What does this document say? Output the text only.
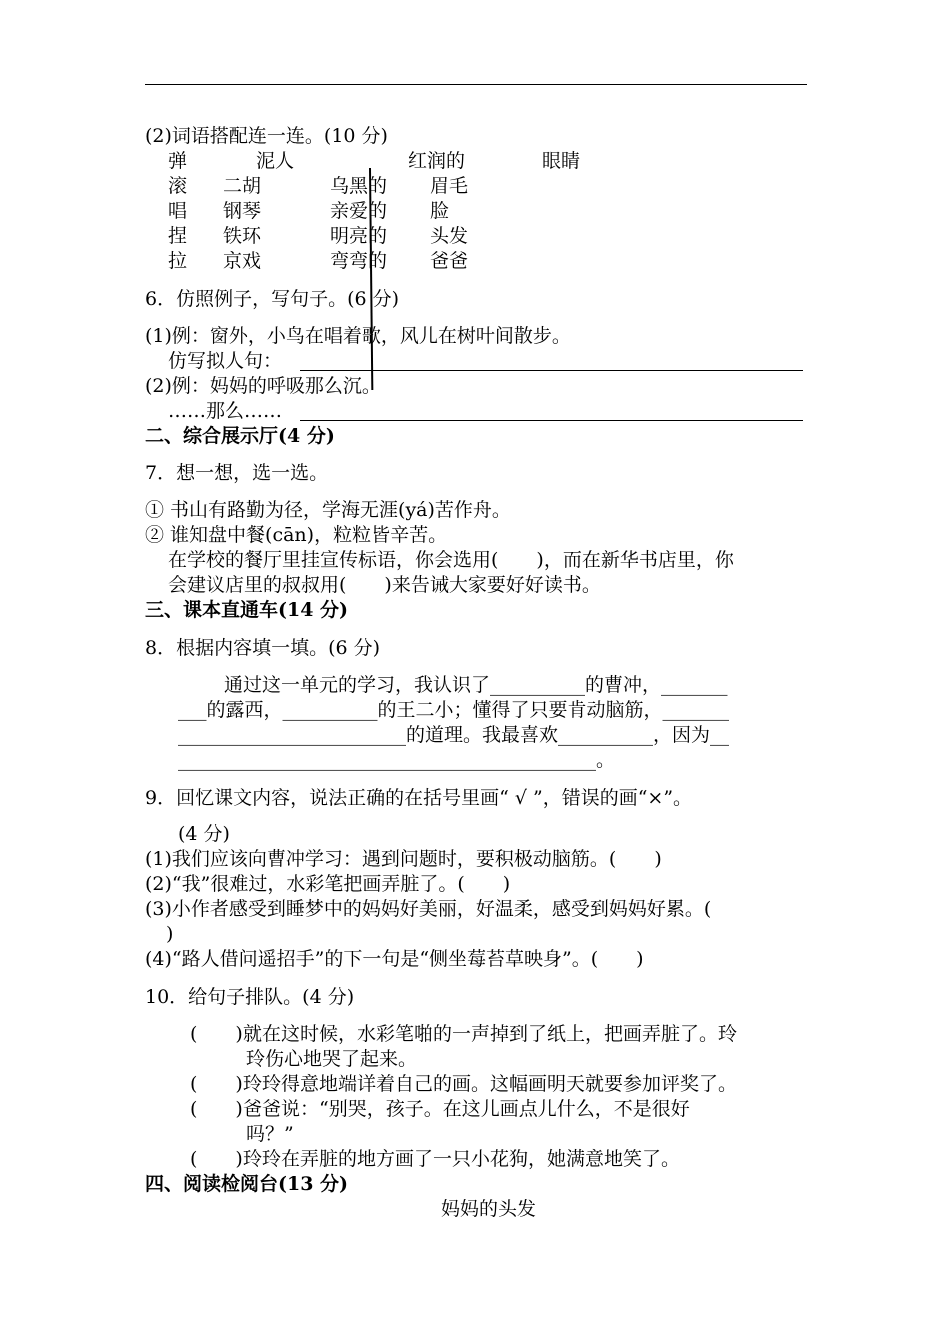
(2)词语搭配连一连。(10 分)
弹
滚
唱
捏
拉
泥人
二胡
钢琴
铁环
京戏
红润的
乌黑的
亲爱的
明亮的
弯弯的
眼睛
眉毛
脸
头发
爸爸
6．仿照例子，写句子。(6 分)
(1)例：窗外，小鸟在唱着歌，风儿在树叶间散步。
仿写拟人句：
(2)例：妈妈的呼吸那么沉。
……那么……
二、综合展示厅(4 分)
7．想一想，选一选。
① 书山有路勤为径，学海无涯(yá)苦作舟。
② 谁知盘中餐(cān)，粒粒皆辛苦。
在学校的餐厅里挂宣传标语，你会选用(　　)，而在新华书店里，你
会建议店里的叔叔用(　　)来告诫大家要好好读书。
三、课本直通车(14 分)
8．根据内容填一填。(6 分)
通过这一单元的学习，我认识了__________的曹冲，_______
___的露西，__________的王二小；懂得了只要肯动脑筋，_______
________________________的道理。我最喜欢__________，因为__
____________________________________________。
9．回忆课文内容，说法正确的在括号里画“ √ ”，错误的画“×”。
(4 分)
(1)我们应该向曹冲学习：遇到问题时，要积极动脑筋。(　　)
(2)“我”很难过，水彩笔把画弄脏了。(　　)
(3)小作者感受到睡梦中的妈妈好美丽，好温柔，感受到妈妈好累。(
)
(4)“路人借问遥招手”的下一句是“侧坐莓苔草映身”。(　　)
10．给句子排队。(4 分)
(　　) 就在这时候，水彩笔啪的一声掉到了纸上，把画弄脏了。玲
玲伤心地哭了起来。
(　　) 玲玲得意地端详着自己的画。这幅画明天就要参加评奖了。
(　　) 爸爸说：“别哭，孩子。在这儿画点儿什么，不是很好
吗？”
(　　) 玲玲在弄脏的地方画了一只小花狗，她满意地笑了。
四、阅读检阅台(13 分)
妈妈的头发
